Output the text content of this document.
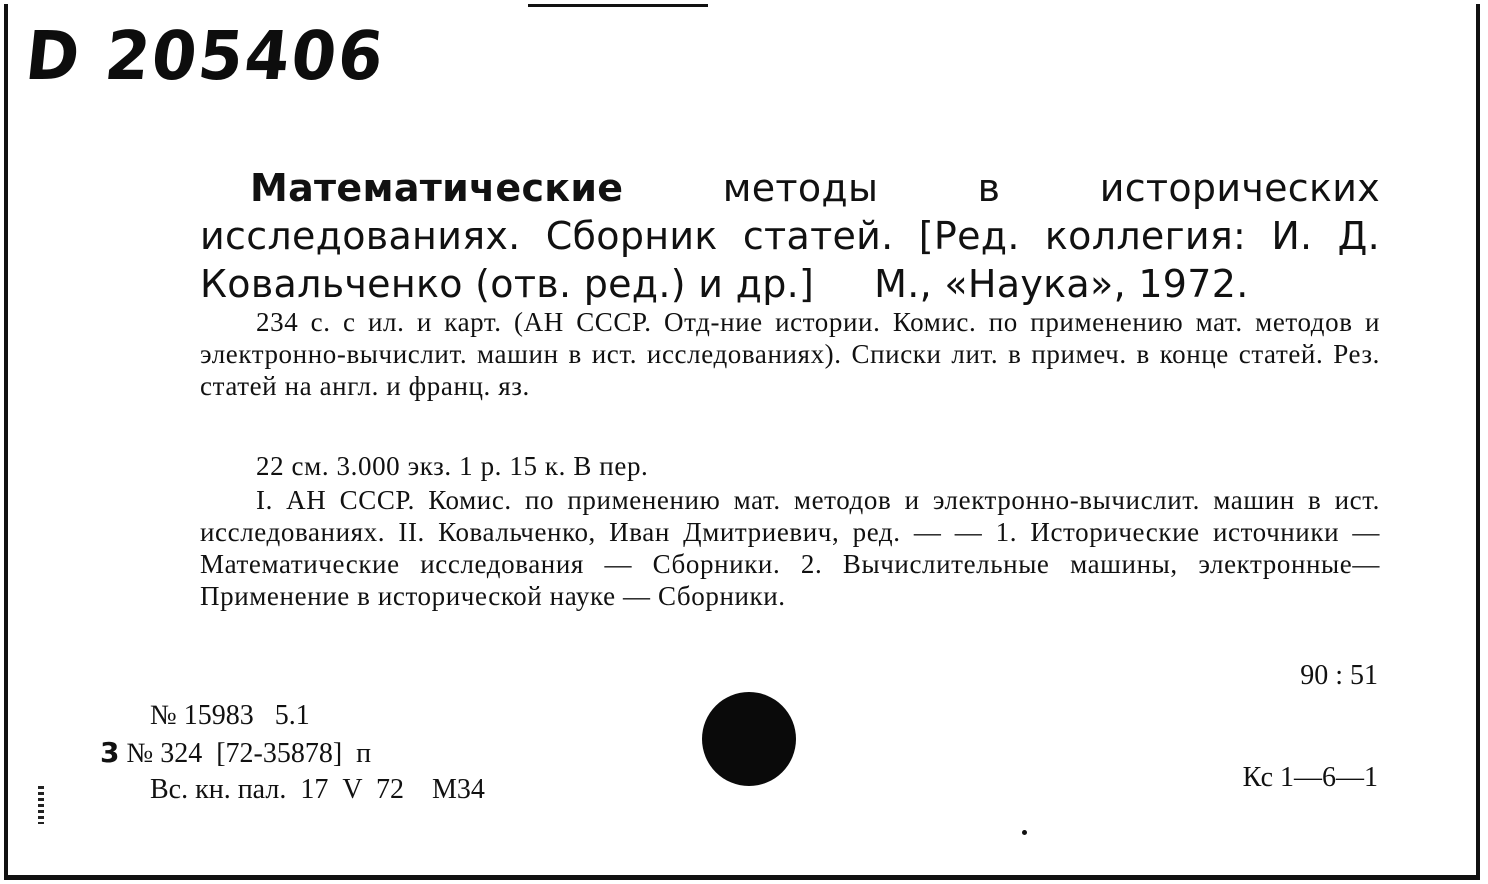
D 205406
Математические	методы в исторических исследованиях. Сборник статей. [Ред. коллегия: И. Д. Ковальченко (отв. ред.) и др.] М., «Наука», 1972.
234 с. с ил. и карт. (АН СССР. Отд-ние истории. Комис. по применению мат. методов и электронно-вычислит. машин в ист. исследованиях). Списки лит. в примеч. в конце статей. Рез. статей на англ. и франц. яз.
22 см. 3.000 экз. 1 р. 15 к. В пер.
I. АН СССР. Комис. по применению мат. методов и электронно-вычислит. машин в ист. исследованиях. II. Ковальченко, Иван Дмитриевич, ред. — — 1. Исторические источники — Математические исследования — Сборники. 2. Вычислительные машины, электронные— Применение в исторической науке — Сборники.
90 : 51
№ 15983   5.1
3 № 324  [72-35878]  п
Вс. кн. пал.  17  V  72    М34	Кс 1—6—1
